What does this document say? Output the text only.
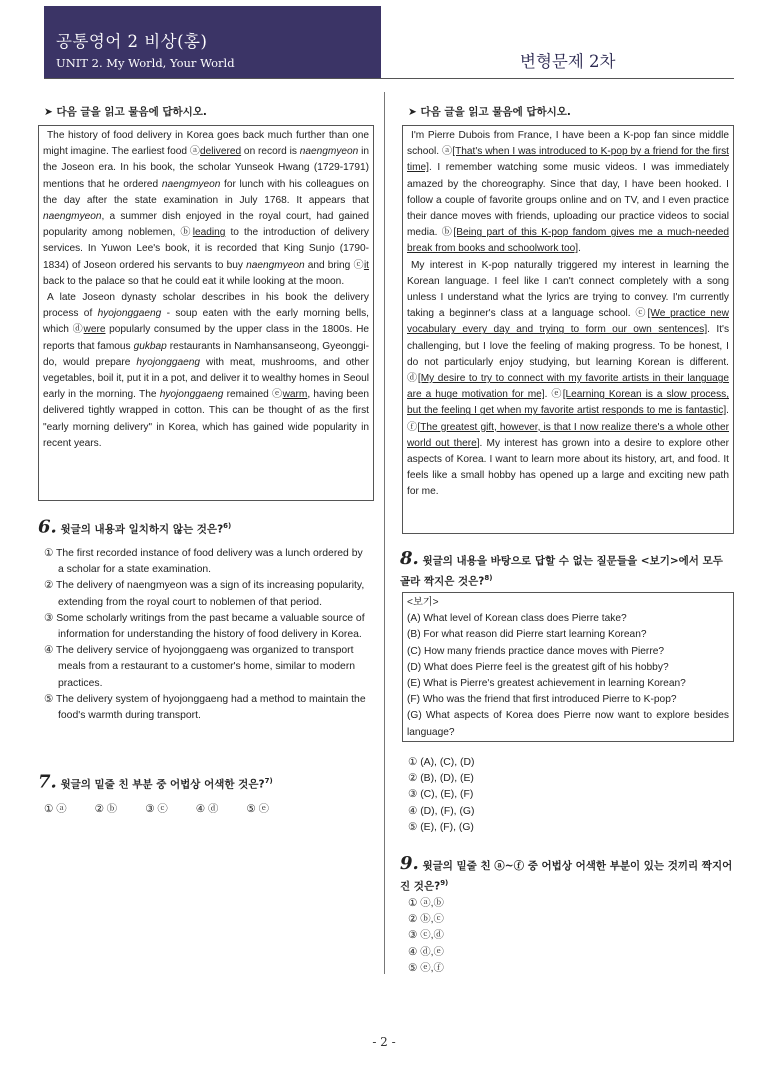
공통영어 2 비상(홍)
UNIT 2. My World, Your World	변형문제 2차
➤ 다음 글을 읽고 물음에 답하시오.

The history of food delivery in Korea goes back much further than one might imagine. The earliest food ⓐdelivered on record is naengmyeon in the Joseon era. In his book, the scholar Yunseok Hwang (1729-1791) mentions that he ordered naengmyeon for lunch with his colleagues on the day after the state examination in July 1768. It appears that naengmyeon, a summer dish enjoyed in the royal court, had gained popularity among noblemen, ⓑleading to the introduction of delivery services. In Yuwon Lee's book, it is recorded that King Sunjo (1790-1834) of Joseon ordered his servants to buy naengmyeon and bring ⓒit back to the palace so that he could eat it while looking at the moon.

A late Joseon dynasty scholar describes in his book the delivery process of hyojonggaeng - soup eaten with the early morning bells, which ⓓwere popularly consumed by the upper class in the 1800s. He reports that famous gukbap restaurants in Namhansanseong, Gyeonggi-do, would prepare hyojonggaeng with meat, mushrooms, and other vegetables, boil it, put it in a pot, and deliver it to wealthy homes in Seoul early in the morning. The hyojonggaeng remained ⓔwarm, having been delivered tightly wrapped in cotton. This can be thought of as the first "early morning delivery" in Korea, which has gained wide popularity in recent years.

6. 윗글의 내용과 일치하지 않는 것은?$^{6)}$
① The first recorded instance of food delivery was a lunch ordered by a scholar for a state examination.
② The delivery of naengmyeon was a sign of its increasing popularity, extending from the royal court to noblemen of that period.
③ Some scholarly writings from the past became a valuable source of information for understanding the history of food delivery in Korea.
④ The delivery service of hyojonggaeng was organized to transport meals from a restaurant to a customer's home, similar to modern practices.
⑤ The delivery system of hyojonggaeng had a method to maintain the food's warmth during transport.
7. 윗글의 밑줄 친 부분 중 어법상 어색한 것은?$^{7)}$
① ⓐ	② ⓑ	③ ⓒ	④ ⓓ	⑤ ⓔ
➤ 다음 글을 읽고 물음에 답하시오.

I'm Pierre Dubois from France, I have been a K-pop fan since middle school. ⓐ[That's when I was introduced to K-pop by a friend for the first time]. I remember watching some music videos. I was immediately amazed by the choreography. Since that day, I have been hooked. I follow a couple of favorite groups online and on TV, and I even practice their dance moves with friends, uploading our practice videos to social media. ⓑ[Being part of this K-pop fandom gives me a much-needed break from books and schoolwork too].

My interest in K-pop naturally triggered my interest in learning the Korean language. I feel like I can't connect completely with a song unless I understand what the lyrics are trying to convey. I'm currently taking a beginner's class at a language school. ⓒ[We practice new vocabulary every day and trying to form our own sentences]. It's challenging, but I love the feeling of making progress. To be honest, I do not particularly enjoy studying, but learning Korean is different. ⓓ[My desire to try to connect with my favorite artists in their language are a huge motivation for me]. ⓔ[Learning Korean is a slow process, but the feeling I get when my favorite artist responds to me is fantastic]. ⓕ[The greatest gift, however, is that I now realize there's a whole other world out there]. My interest has grown into a desire to explore other aspects of Korea. I want to learn more about its history, art, and food. It feels like a small hobby has opened up a large and exciting new path for me.

8. 윗글의 내용을 바탕으로 답할 수 없는 질문들을 <보기>에서 모두 골라 짝지은 것은?$^{8)}$
<보기>
(A) What level of Korean class does Pierre take?
(B) For what reason did Pierre start learning Korean?
(C) How many friends practice dance moves with Pierre?
(D) What does Pierre feel is the greatest gift of his hobby?
(E) What is Pierre's greatest achievement in learning Korean?
(F) Who was the friend that first introduced Pierre to K-pop?
(G) What aspects of Korea does Pierre now want to explore besides language?
① (A), (C), (D)
② (B), (D), (E)
③ (C), (E), (F)
④ (D), (F), (G)
⑤ (E), (F), (G)
9. 윗글의 밑줄 친 ⓐ~ⓕ 중 어법상 어색한 부분이 있는 것끼리 짝지어진 것은?$^{9)}$
① ⓐ,ⓑ
② ⓑ,ⓒ
③ ⓒ,ⓓ
④ ⓓ,ⓔ
⑤ ⓔ,ⓕ
- 2 -
